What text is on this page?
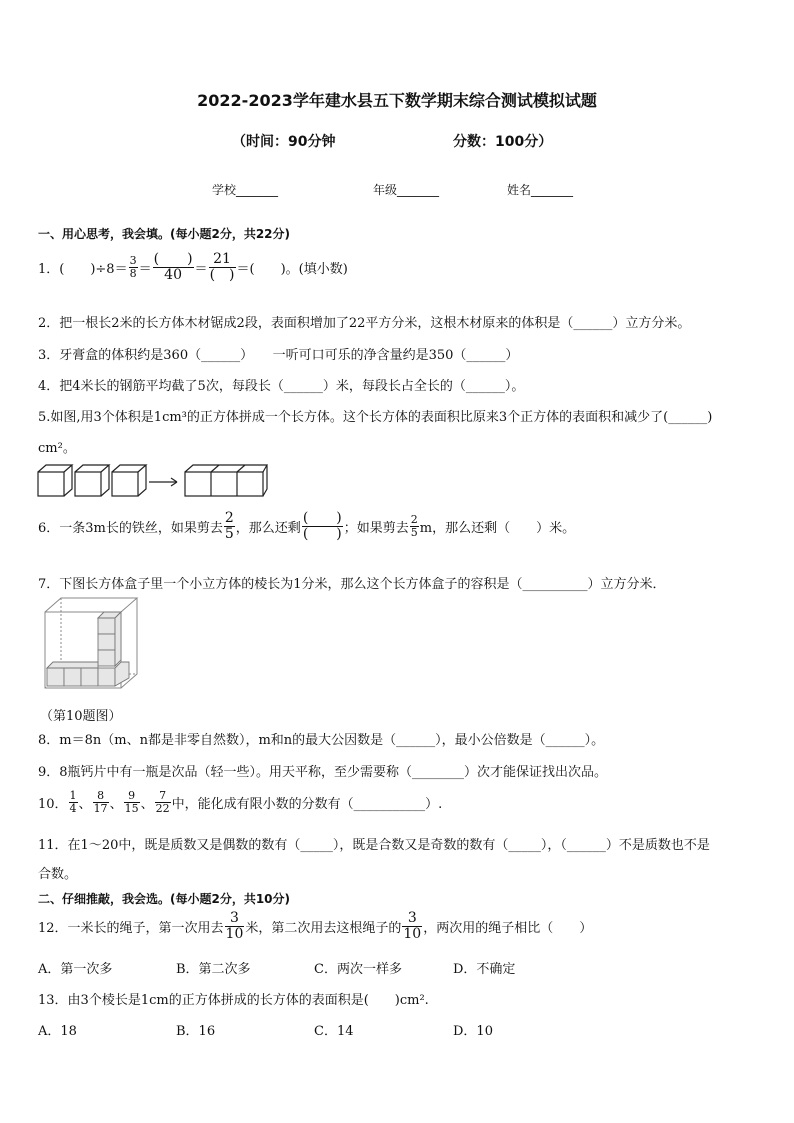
2022-2023学年建水县五下数学期末综合测试模拟试题
（时间：90分钟	分数：100分）
学校_______	年级_______	姓名_______
一、用心思考，我会填。(每小题2分，共22分)
1．(　　)$\div 8= \frac{3}{8} = \frac{( )}{40} = \frac{21}{( )}$ ＝(　　)。(填小数)
2．把一根长2米的长方体木材锯成2段，表面积增加了22平方分米，这根木材原来的体积是（______）立方分米。
3．牙膏盒的体积约是360（______）　　一听可口可乐的净含量约是350（______）
4．把4米长的钢筋平均截了5次，每段长（______）米，每段长占全长的（______）。
5.如图,用3个体积是1cm³的正方体拼成一个长方体。这个长方体的表面积比原来3个正方体的表面积和减少了(______)
cm²。
6．一条3m长的铁丝，如果剪去 $\frac{2}{5}$ ，那么还剩 $\frac{( )}{( )}$ ；如果剪去 $\frac{2}{5}$ m，那么还剩（　　）米。
7．下图长方体盒子里一个小立方体的棱长为1分米，那么这个长方体盒子的容积是（__________）立方分米．
（第10题图）
8．m＝8n（m、n都是非零自然数），m和n的最大公因数是（______），最小公倍数是（______）。
9．8瓶钙片中有一瓶是次品（轻一些）。用天平称，至少需要称（________）次才能保证找出次品。
10． $\frac{1}{4}$ 、 $\frac{8}{17}$ 、 $\frac{9}{15}$ 、 $\frac{7}{22}$ 中，能化成有限小数的分数有（___________）.
11．在1～20中，既是质数又是偶数的数有（_____），既是合数又是奇数的数有（_____），（______）不是质数也不是
合数。
二、仔细推敲，我会选。(每小题2分，共10分)
12．一米长的绳子，第一次用去 $\frac{3}{10}$ 米，第二次用去这根绳子的 $\frac{3}{10}$ ，两次用的绳子相比（　　）
A．第一次多	B．第二次多	C．两次一样多	D．不确定
13．由3个棱长是1cm的正方体拼成的长方体的表面积是(　　)cm².
A．18	B．16	C．14	D．10
